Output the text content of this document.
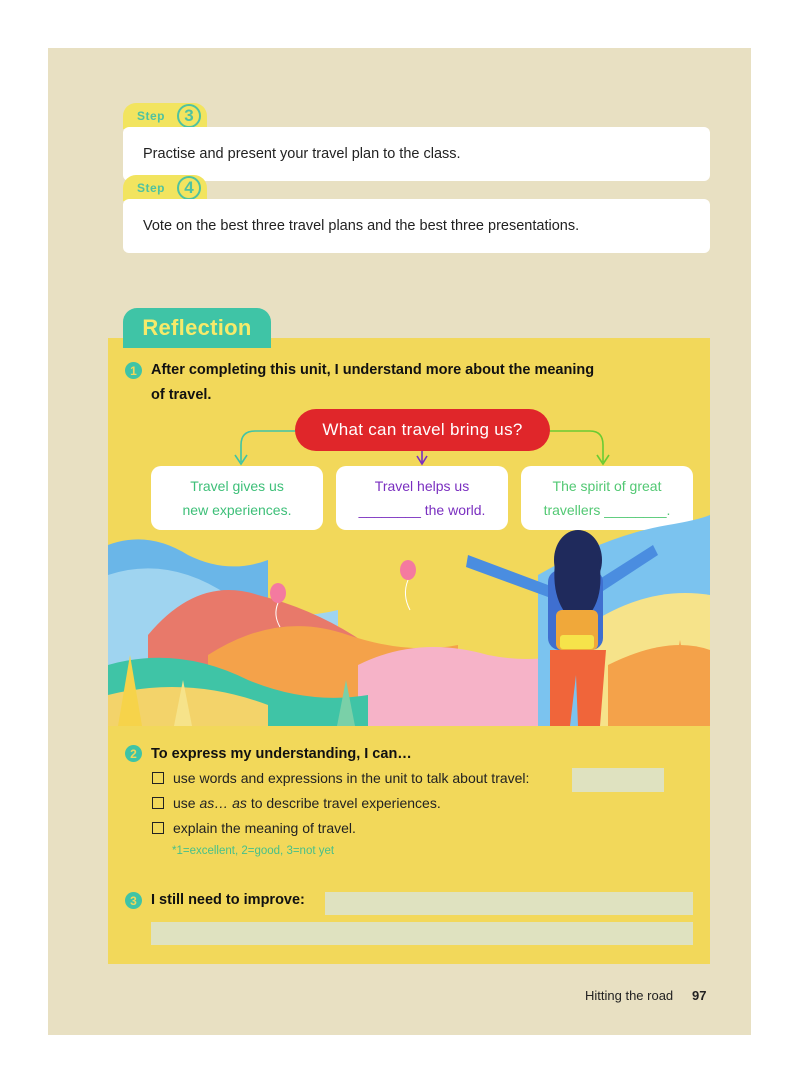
Step	3
Practise and present your travel plan to the class.
Step	4
Vote on the best three travel plans and the best three presentations.
Reflection
1 After completing this unit, I understand more about the meaning
of travel.
What can travel bring us?
Travel gives us
new experiences.
Travel helps us
________ the world.
The spirit of great
travellers ________.
2 To express my understanding, I can…
use words and expressions in the unit to talk about travel:
use
as… as
to describe travel experiences.
explain the meaning of travel.
*1=excellent, 2=good, 3=not yet
3 I still need to improve:
Hitting the road 97
